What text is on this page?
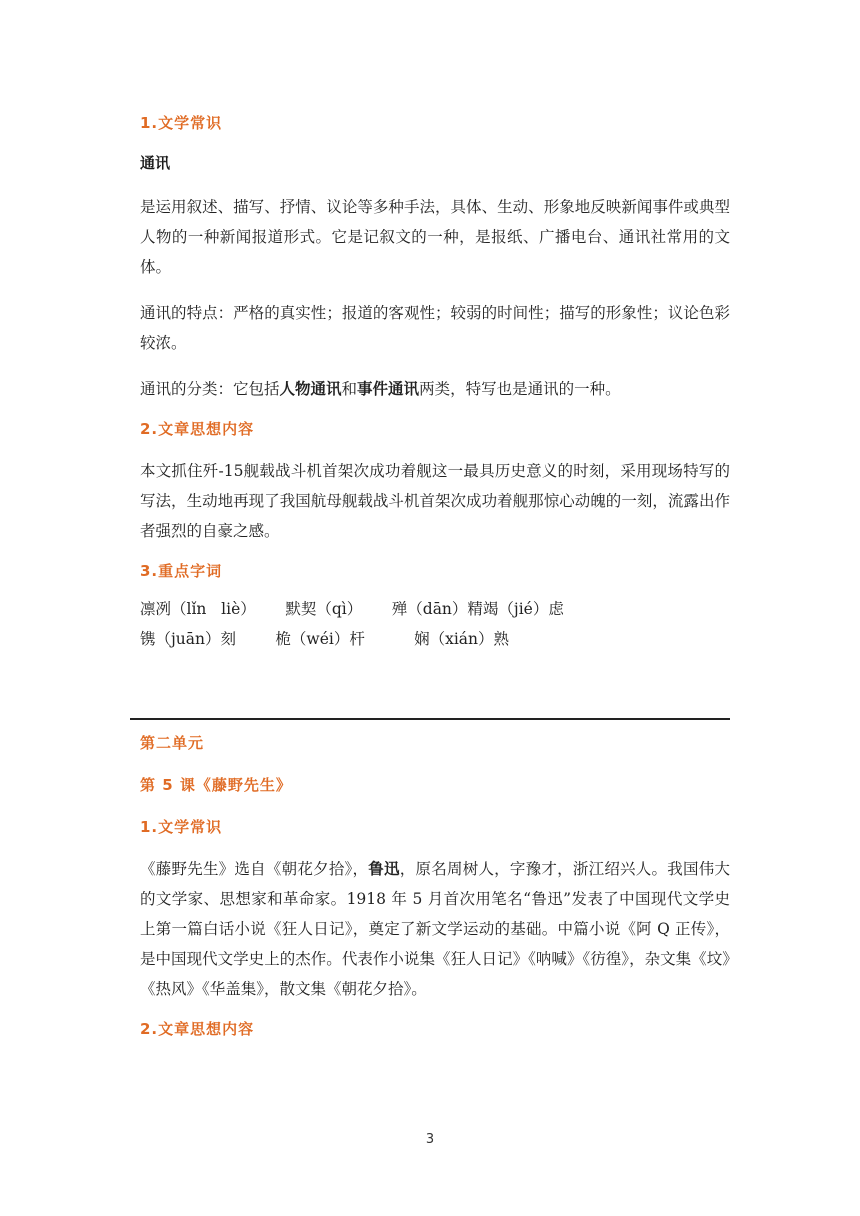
1.文学常识

通讯

是运用叙述、描写、抒情、议论等多种手法，具体、生动、形象地反映新闻事件或典型人物的一种新闻报道形式。它是记叙文的一种，是报纸、广播电台、通讯社常用的文体。

通讯的特点：严格的真实性；报道的客观性；较弱的时间性；描写的形象性；议论色彩较浓。

通讯的分类：它包括人物通讯和事件通讯两类，特写也是通讯的一种。

2.文章思想内容

本文抓住歼-15舰载战斗机首架次成功着舰这一最具历史意义的时刻，采用现场特写的写法，生动地再现了我国航母舰载战斗机首架次成功着舰那惊心动魄的一刻，流露出作者强烈的自豪之感。

3.重点字词

凛冽（lǐn   liè）      默契（qì）      殚（dān）精竭（jié）虑

镌（juān）刻        桅（wéi）杆          娴（xián）熟

第二单元

第 5 课《藤野先生》

1.文学常识

《藤野先生》选自《朝花夕拾》，鲁迅，原名周树人，字豫才，浙江绍兴人。我国伟大的文学家、思想家和革命家。1918 年 5 月首次用笔名“鲁迅”发表了中国现代文学史上第一篇白话小说《狂人日记》，奠定了新文学运动的基础。中篇小说《阿 Q 正传》，是中国现代文学史上的杰作。代表作小说集《狂人日记》《呐喊》《彷徨》，杂文集《坟》《热风》《华盖集》，散文集《朝花夕拾》。

2.文章思想内容

3
